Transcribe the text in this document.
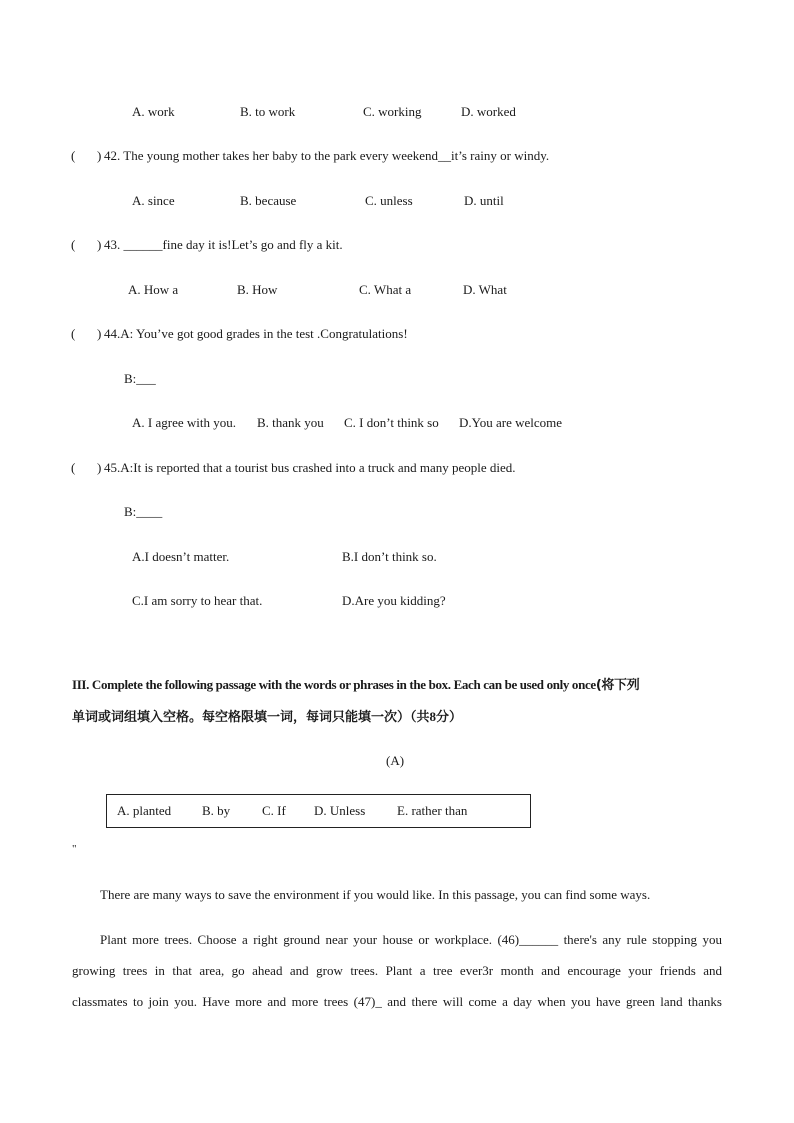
A. work	B. to work	C. working	D. worked
( ) 42. The young mother takes her baby to the park every weekend__it’s rainy or windy.
A. since	B. because	C. unless	D. until
( ) 43. ______fine day it is!Let’s go and fly a kit.
A. How a	B. How	C. What a	D. What
( ) 44.A: You’ve got good grades in the test .Congratulations!
B:___
A. I agree with you. B. thank you C. I don’t think so D.You are welcome
( ) 45.A:It is reported that a tourist bus crashed into a truck and many people died.
B:____
A.I doesn’t matter.	B.I don’t think so.
C.I am sorry to hear that.	D.Are you kidding?
III. Complete the following passage with the words or phrases in the box. Each can be used only once(将下列
单词或词组填入空格。每空格限填一词，每词只能填一次）（共8分）
(A)
A. planted B. by C. If D. Unless E. rather than
"
There are many ways to save the environment if you would like. In this passage, you can find some ways.
Plant more trees. Choose a right ground near your house or workplace. (46)______ there's any rule stopping you
growing trees in that area, go ahead and grow trees. Plant a tree ever3r month and encourage your friends and
classmates to join you. Have more and more trees (47)_ and there will come a day when you have green land thanks
